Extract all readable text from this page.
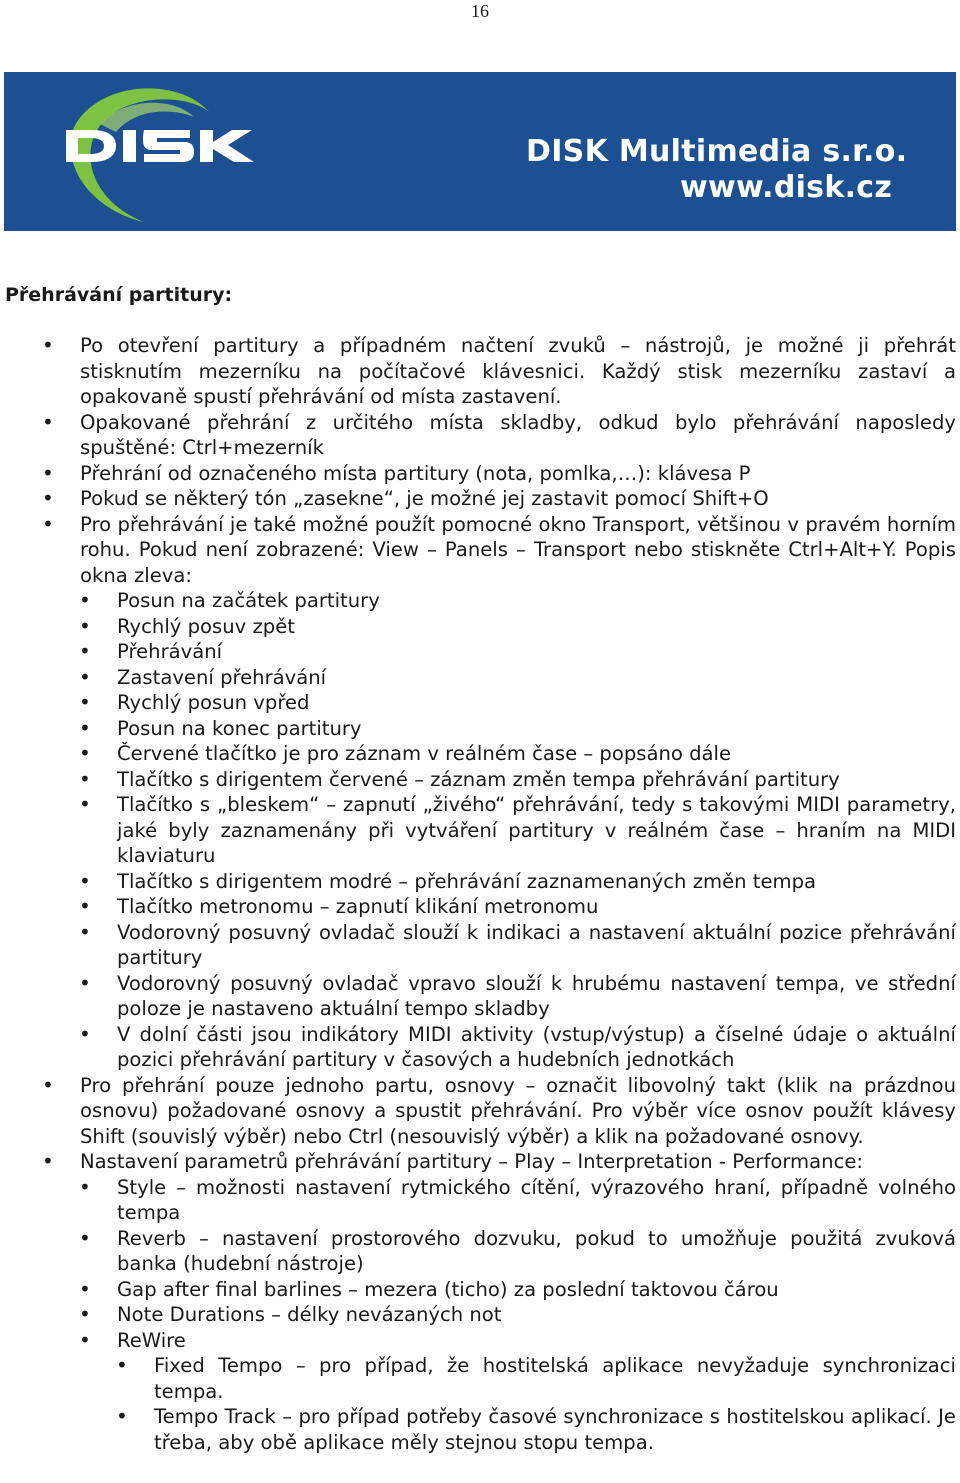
16
DISK Multimedia s.r.o.
www.disk.cz
Přehrávání partitury:
• Po otevření partitury a případném načtení zvuků – nástrojů, je možné ji přehrát stisknutím mezerníku na počítačové klávesnici. Každý stisk mezerníku zastaví a opakovaně spustí přehrávání od místa zastavení.
• Opakované přehrání z určitého místa skladby, odkud bylo přehrávání naposledy spuštěné: Ctrl+mezerník
• Přehrání od označeného místa partitury (nota, pomlka,…): klávesa P
• Pokud se některý tón „zasekne“, je možné jej zastavit pomocí Shift+O
• Pro přehrávání je také možné použít pomocné okno Transport, většinou v pravém horním rohu. Pokud není zobrazené: View – Panels – Transport nebo stiskněte Ctrl+Alt+Y. Popis okna zleva:
• Posun na začátek partitury
• Rychlý posuv zpět
• Přehrávání
• Zastavení přehrávání
• Rychlý posun vpřed
• Posun na konec partitury
• Červené tlačítko je pro záznam v reálném čase – popsáno dále
• Tlačítko s dirigentem červené – záznam změn tempa přehrávání partitury
• Tlačítko s „bleskem“ – zapnutí „živého“ přehrávání, tedy s takovými MIDI parametry, jaké byly zaznamenány při vytváření partitury v reálném čase – hraním na MIDI klaviaturu
• Tlačítko s dirigentem modré – přehrávání zaznamenaných změn tempa
• Tlačítko metronomu – zapnutí klikání metronomu
• Vodorovný posuvný ovladač slouží k indikaci a nastavení aktuální pozice přehrávání partitury
• Vodorovný posuvný ovladač vpravo slouží k hrubému nastavení tempa, ve střední poloze je nastaveno aktuální tempo skladby
• V dolní části jsou indikátory MIDI aktivity (vstup/výstup) a číselné údaje o aktuální pozici přehrávání partitury v časových a hudebních jednotkách
• Pro přehrání pouze jednoho partu, osnovy – označit libovolný takt (klik na prázdnou osnovu) požadované osnovy a spustit přehrávání. Pro výběr více osnov použít klávesy Shift (souvislý výběr) nebo Ctrl (nesouvislý výběr) a klik na požadované osnovy.
• Nastavení parametrů přehrávání partitury – Play – Interpretation - Performance:
• Style – možnosti nastavení rytmického cítění, výrazového hraní, případně volného tempa
• Reverb – nastavení prostorového dozvuku, pokud to umožňuje použitá zvuková banka (hudební nástroje)
• Gap after final barlines – mezera (ticho) za poslední taktovou čárou
• Note Durations – délky nevázaných not
• ReWire
• Fixed Tempo – pro případ, že hostitelská aplikace nevyžaduje synchronizaci tempa.
• Tempo Track – pro případ potřeby časové synchronizace s hostitelskou aplikací. Je třeba, aby obě aplikace měly stejnou stopu tempa.
